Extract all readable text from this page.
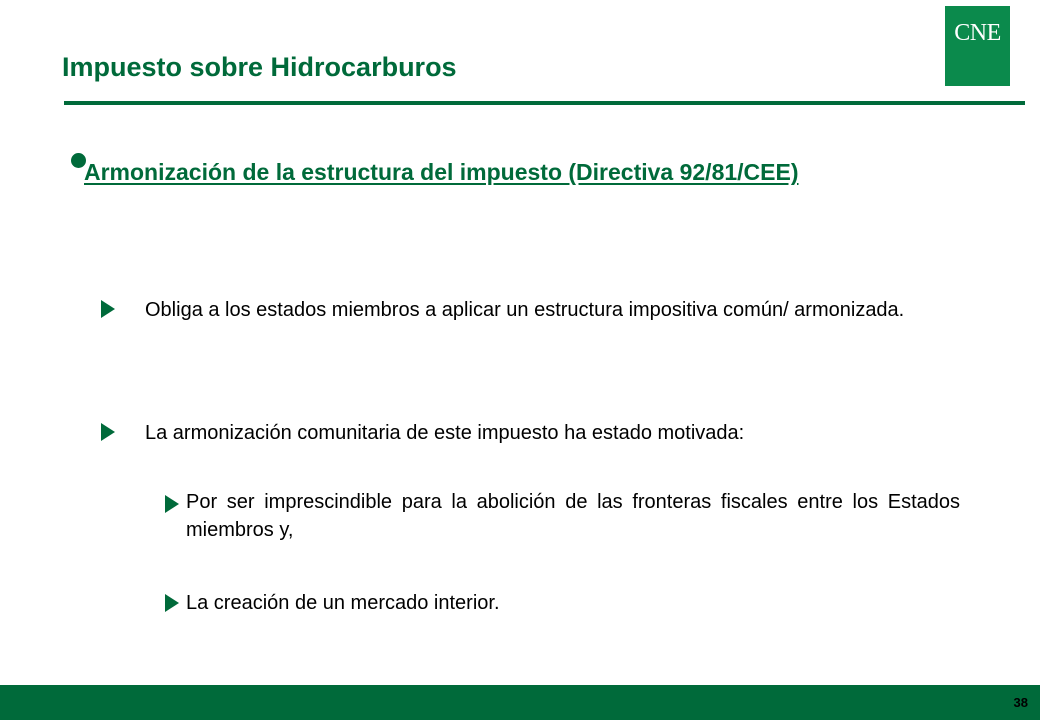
Impuesto sobre Hidrocarburos
CNE
Armonización de la estructura del impuesto (Directiva 92/81/CEE)
Obliga a los estados miembros a aplicar un estructura impositiva común/ armonizada.
La armonización comunitaria de este impuesto ha estado motivada:
Por ser imprescindible para la abolición de las fronteras fiscales entre los Estados miembros y,
La creación de un mercado interior.
38
